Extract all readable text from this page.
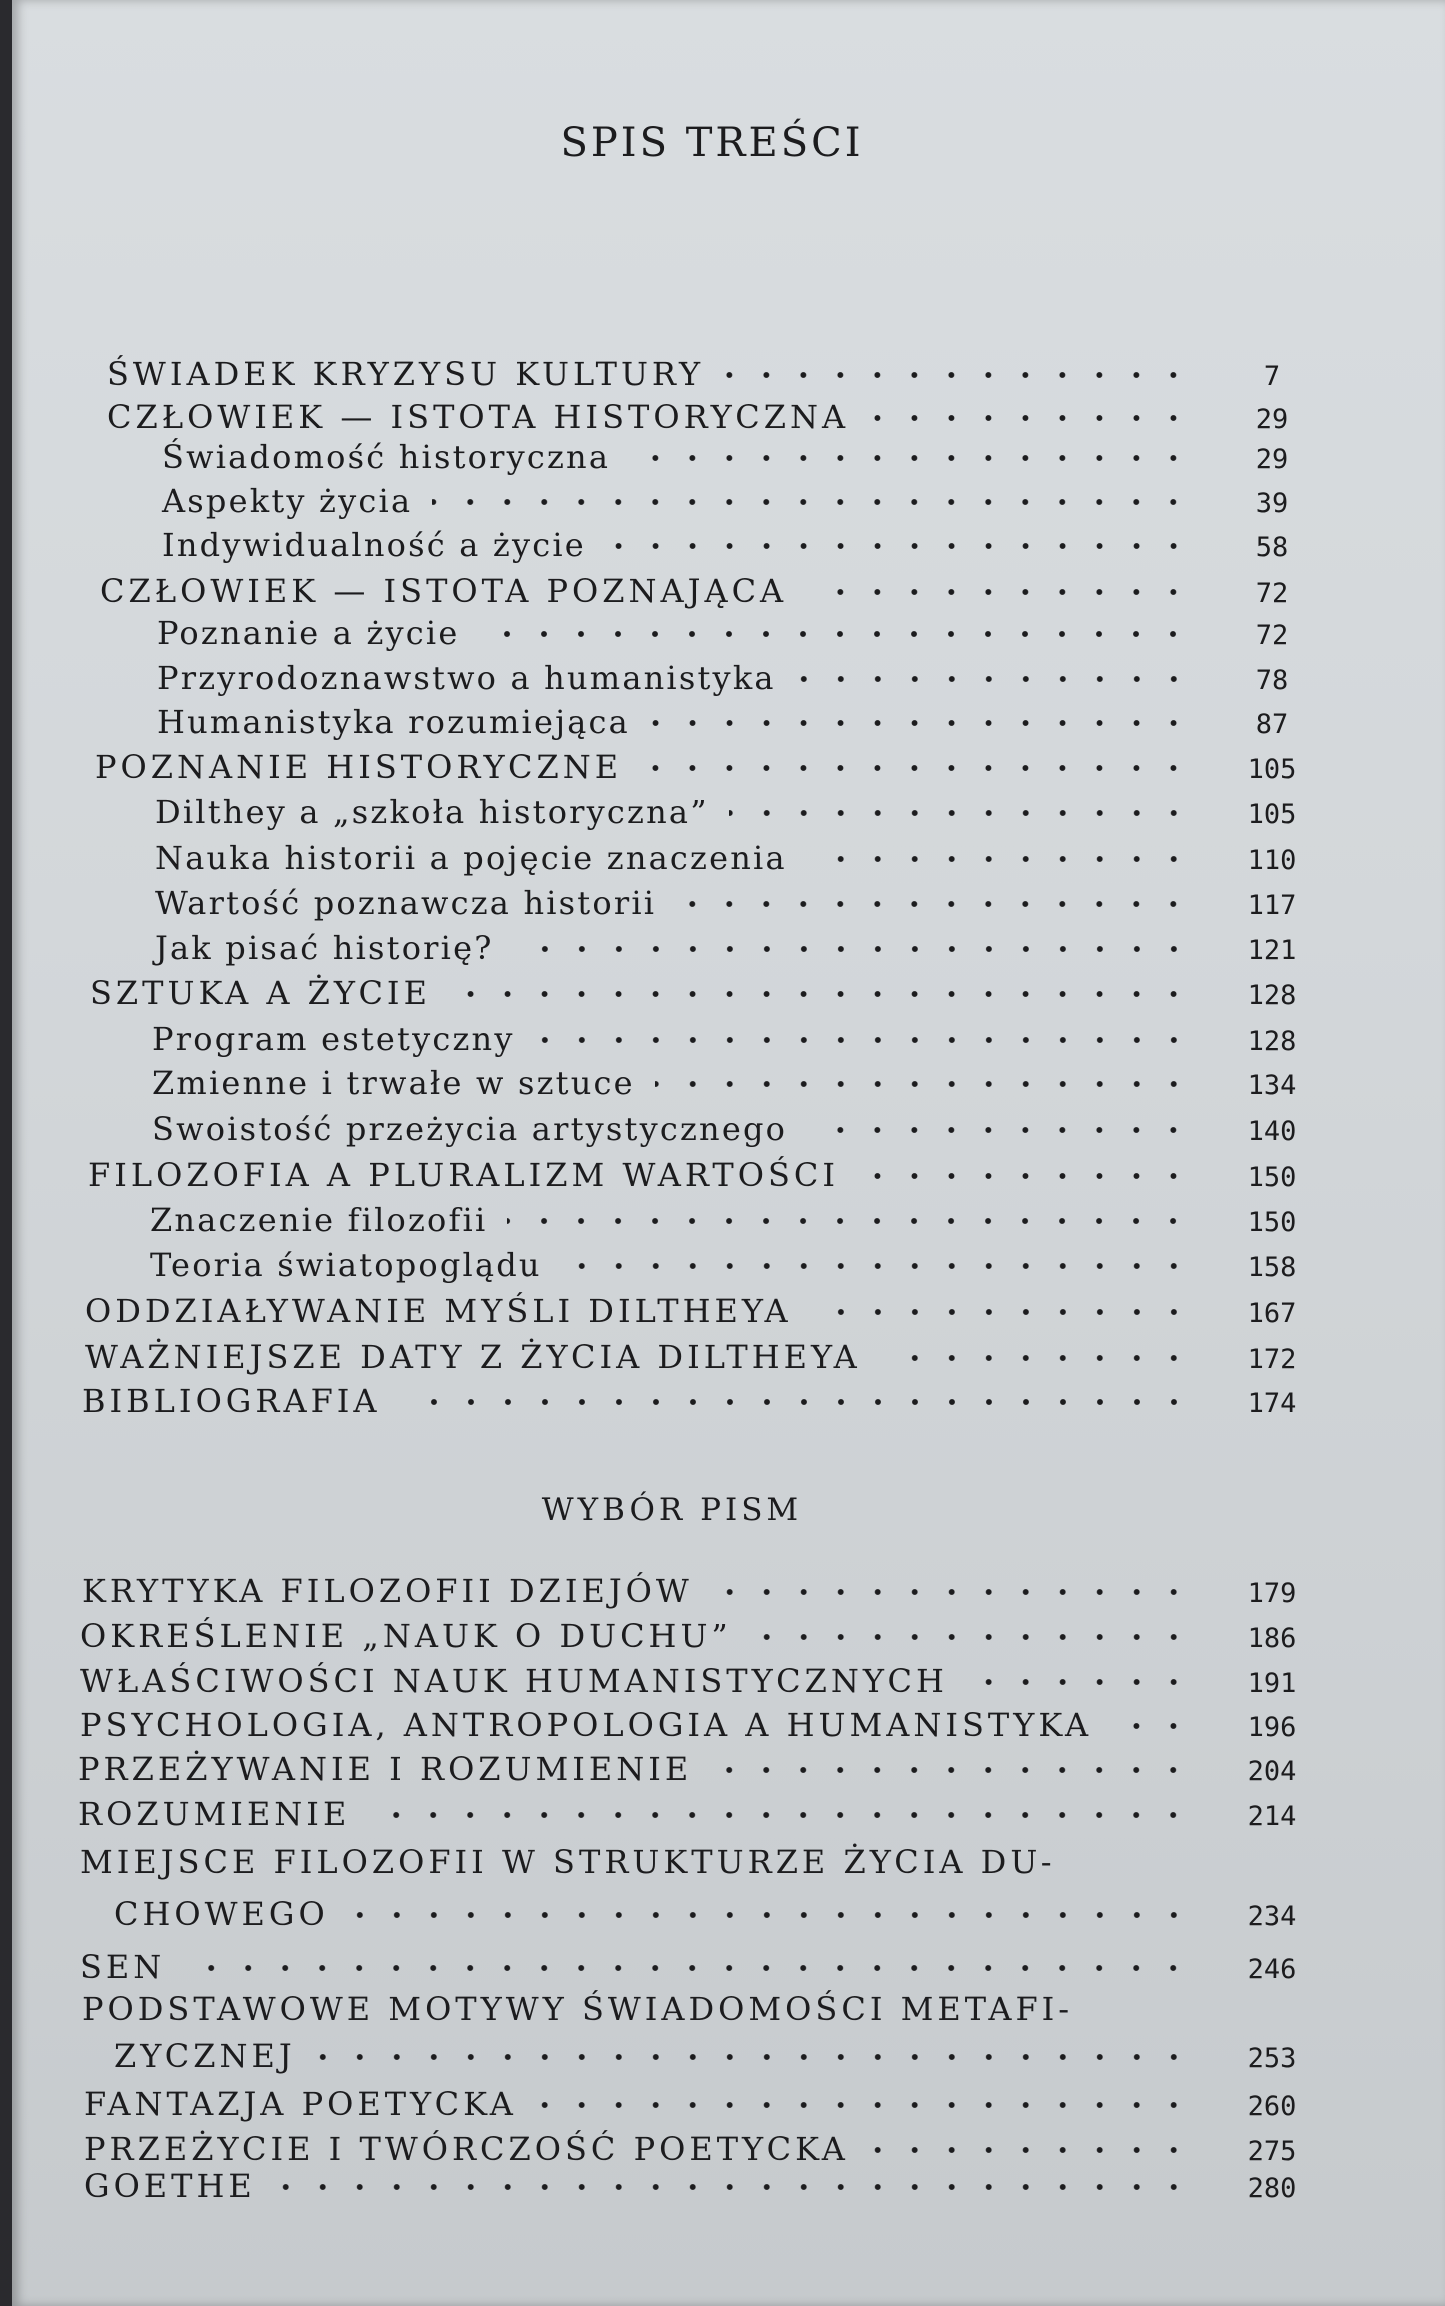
SPIS TREŚCI
ŚWIADEK KRYZYSU KULTURY	7
CZŁOWIEK — ISTOTA HISTORYCZNA	29
Świadomość historyczna	29
Aspekty życia	39
Indywidualność a życie	58
CZŁOWIEK — ISTOTA POZNAJĄCA	72
Poznanie a życie	72
Przyrodoznawstwo a humanistyka	78
Humanistyka rozumiejąca	87
POZNANIE HISTORYCZNE	105
Dilthey a „szkoła historyczna”	105
Nauka historii a pojęcie znaczenia	110
Wartość poznawcza historii	117
Jak pisać historię?	121
SZTUKA A ŻYCIE	128
Program estetyczny	128
Zmienne i trwałe w sztuce	134
Swoistość przeżycia artystycznego	140
FILOZOFIA A PLURALIZM WARTOŚCI	150
Znaczenie filozofii	150
Teoria światopoglądu	158
ODDZIAŁYWANIE MYŚLI DILTHEYA	167
WAŻNIEJSZE DATY Z ŻYCIA DILTHEYA	172
BIBLIOGRAFIA	174
WYBÓR PISM
KRYTYKA FILOZOFII DZIEJÓW	179
OKREŚLENIE „NAUK O DUCHU”	186
WŁAŚCIWOŚCI NAUK HUMANISTYCZNYCH	191
PSYCHOLOGIA, ANTROPOLOGIA A HUMANISTYKA	196
PRZEŻYWANIE I ROZUMIENIE	204
ROZUMIENIE	214
MIEJSCE FILOZOFII W STRUKTURZE ŻYCIA DU-
CHOWEGO	234
SEN	246
PODSTAWOWE MOTYWY ŚWIADOMOŚCI METAFI-
ZYCZNEJ	253
FANTAZJA POETYCKA	260
PRZEŻYCIE I TWÓRCZOŚĆ POETYCKA	275
GOETHE	280
